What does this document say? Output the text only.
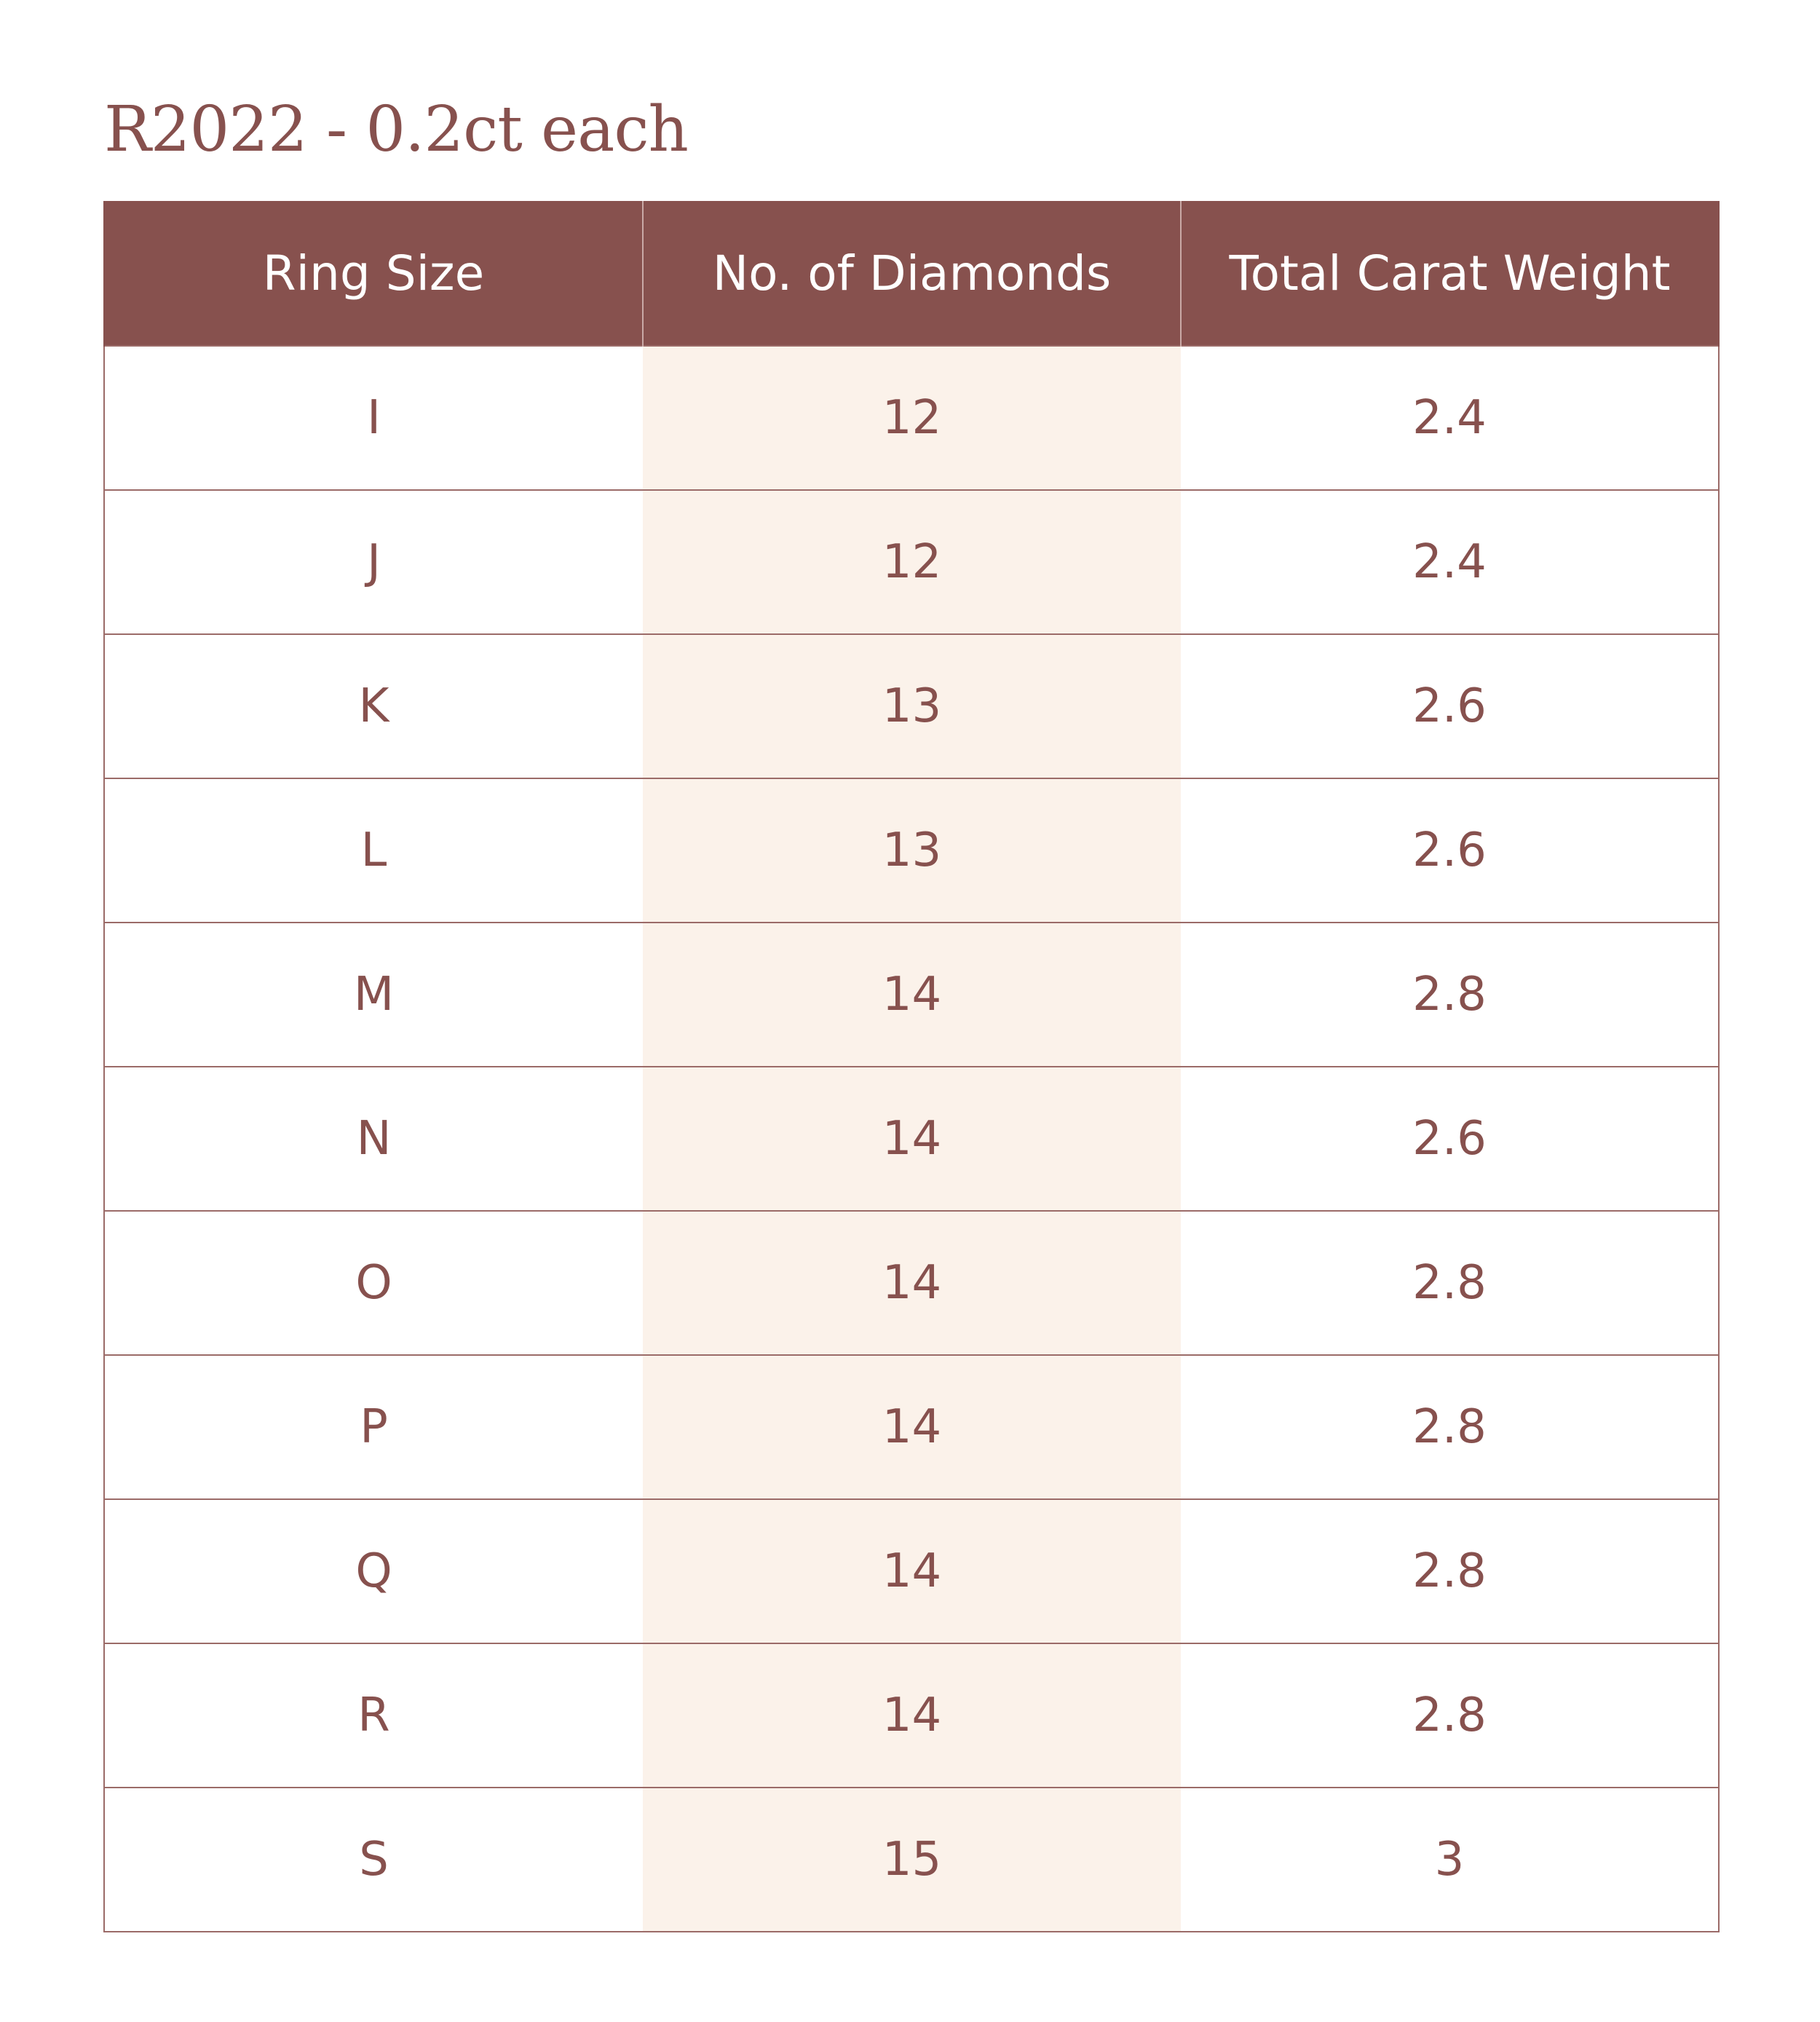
R2022 - 0.2ct each
Ring Size	No. of Diamonds	Total Carat Weight
I	12	2.4
J	12	2.4
K	13	2.6
L	13	2.6
M	14	2.8
N	14	2.6
O	14	2.8
P	14	2.8
Q	14	2.8
R	14	2.8
S	15	3
